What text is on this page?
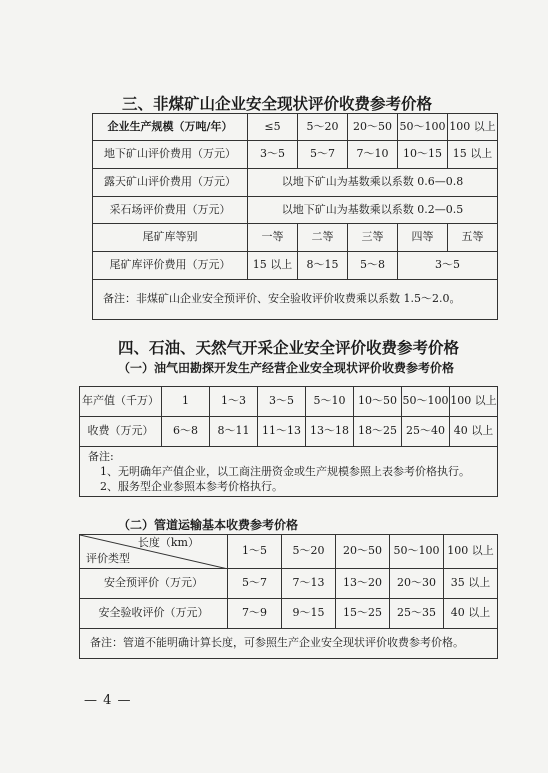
三、非煤矿山企业安全现状评价收费参考价格
企业生产规模（万吨/年）	≤5	5～20	20～50	50～100	100 以上
地下矿山评价费用（万元）	3～5	5～7	7～10	10～15	15 以上
露天矿山评价费用（万元）	以地下矿山为基数乘以系数 0.6—0.8				
采石场评价费用（万元）	以地下矿山为基数乘以系数 0.2—0.5				
尾矿库等别	一等	二等	三等	四等	五等
尾矿库评价费用（万元）	15 以上	8～15	5～8	3～5	
备注：非煤矿山企业安全预评价、安全验收评价收费乘以系数 1.5～2.0。					
四、石油、天然气开采企业安全评价收费参考价格
（一）油气田勘探开发生产经营企业安全现状评价收费参考价格
年产值（千万）	1	1～3	3～5	5～10	10～50	50～100	100 以上
收费（万元）	6～8	8～11	11～13	13～18	18～25	25～40	40 以上

备注:
1、无明确年产值企业，以工商注册资金或生产规模参照上表参考价格执行。
2、服务型企业参照本参考价格执行。							
（二）管道运输基本收费参考价格
长度（km）
评价类型	1～5	5～20	20～50	50～100	100 以上
安全预评价（万元）	5～7	7～13	13～20	20～30	35 以上
安全验收评价（万元）	7～9	9～15	15～25	25～35	40 以上
备注：管道不能明确计算长度，可参照生产企业安全现状评价收费参考价格。					
— 4 —
